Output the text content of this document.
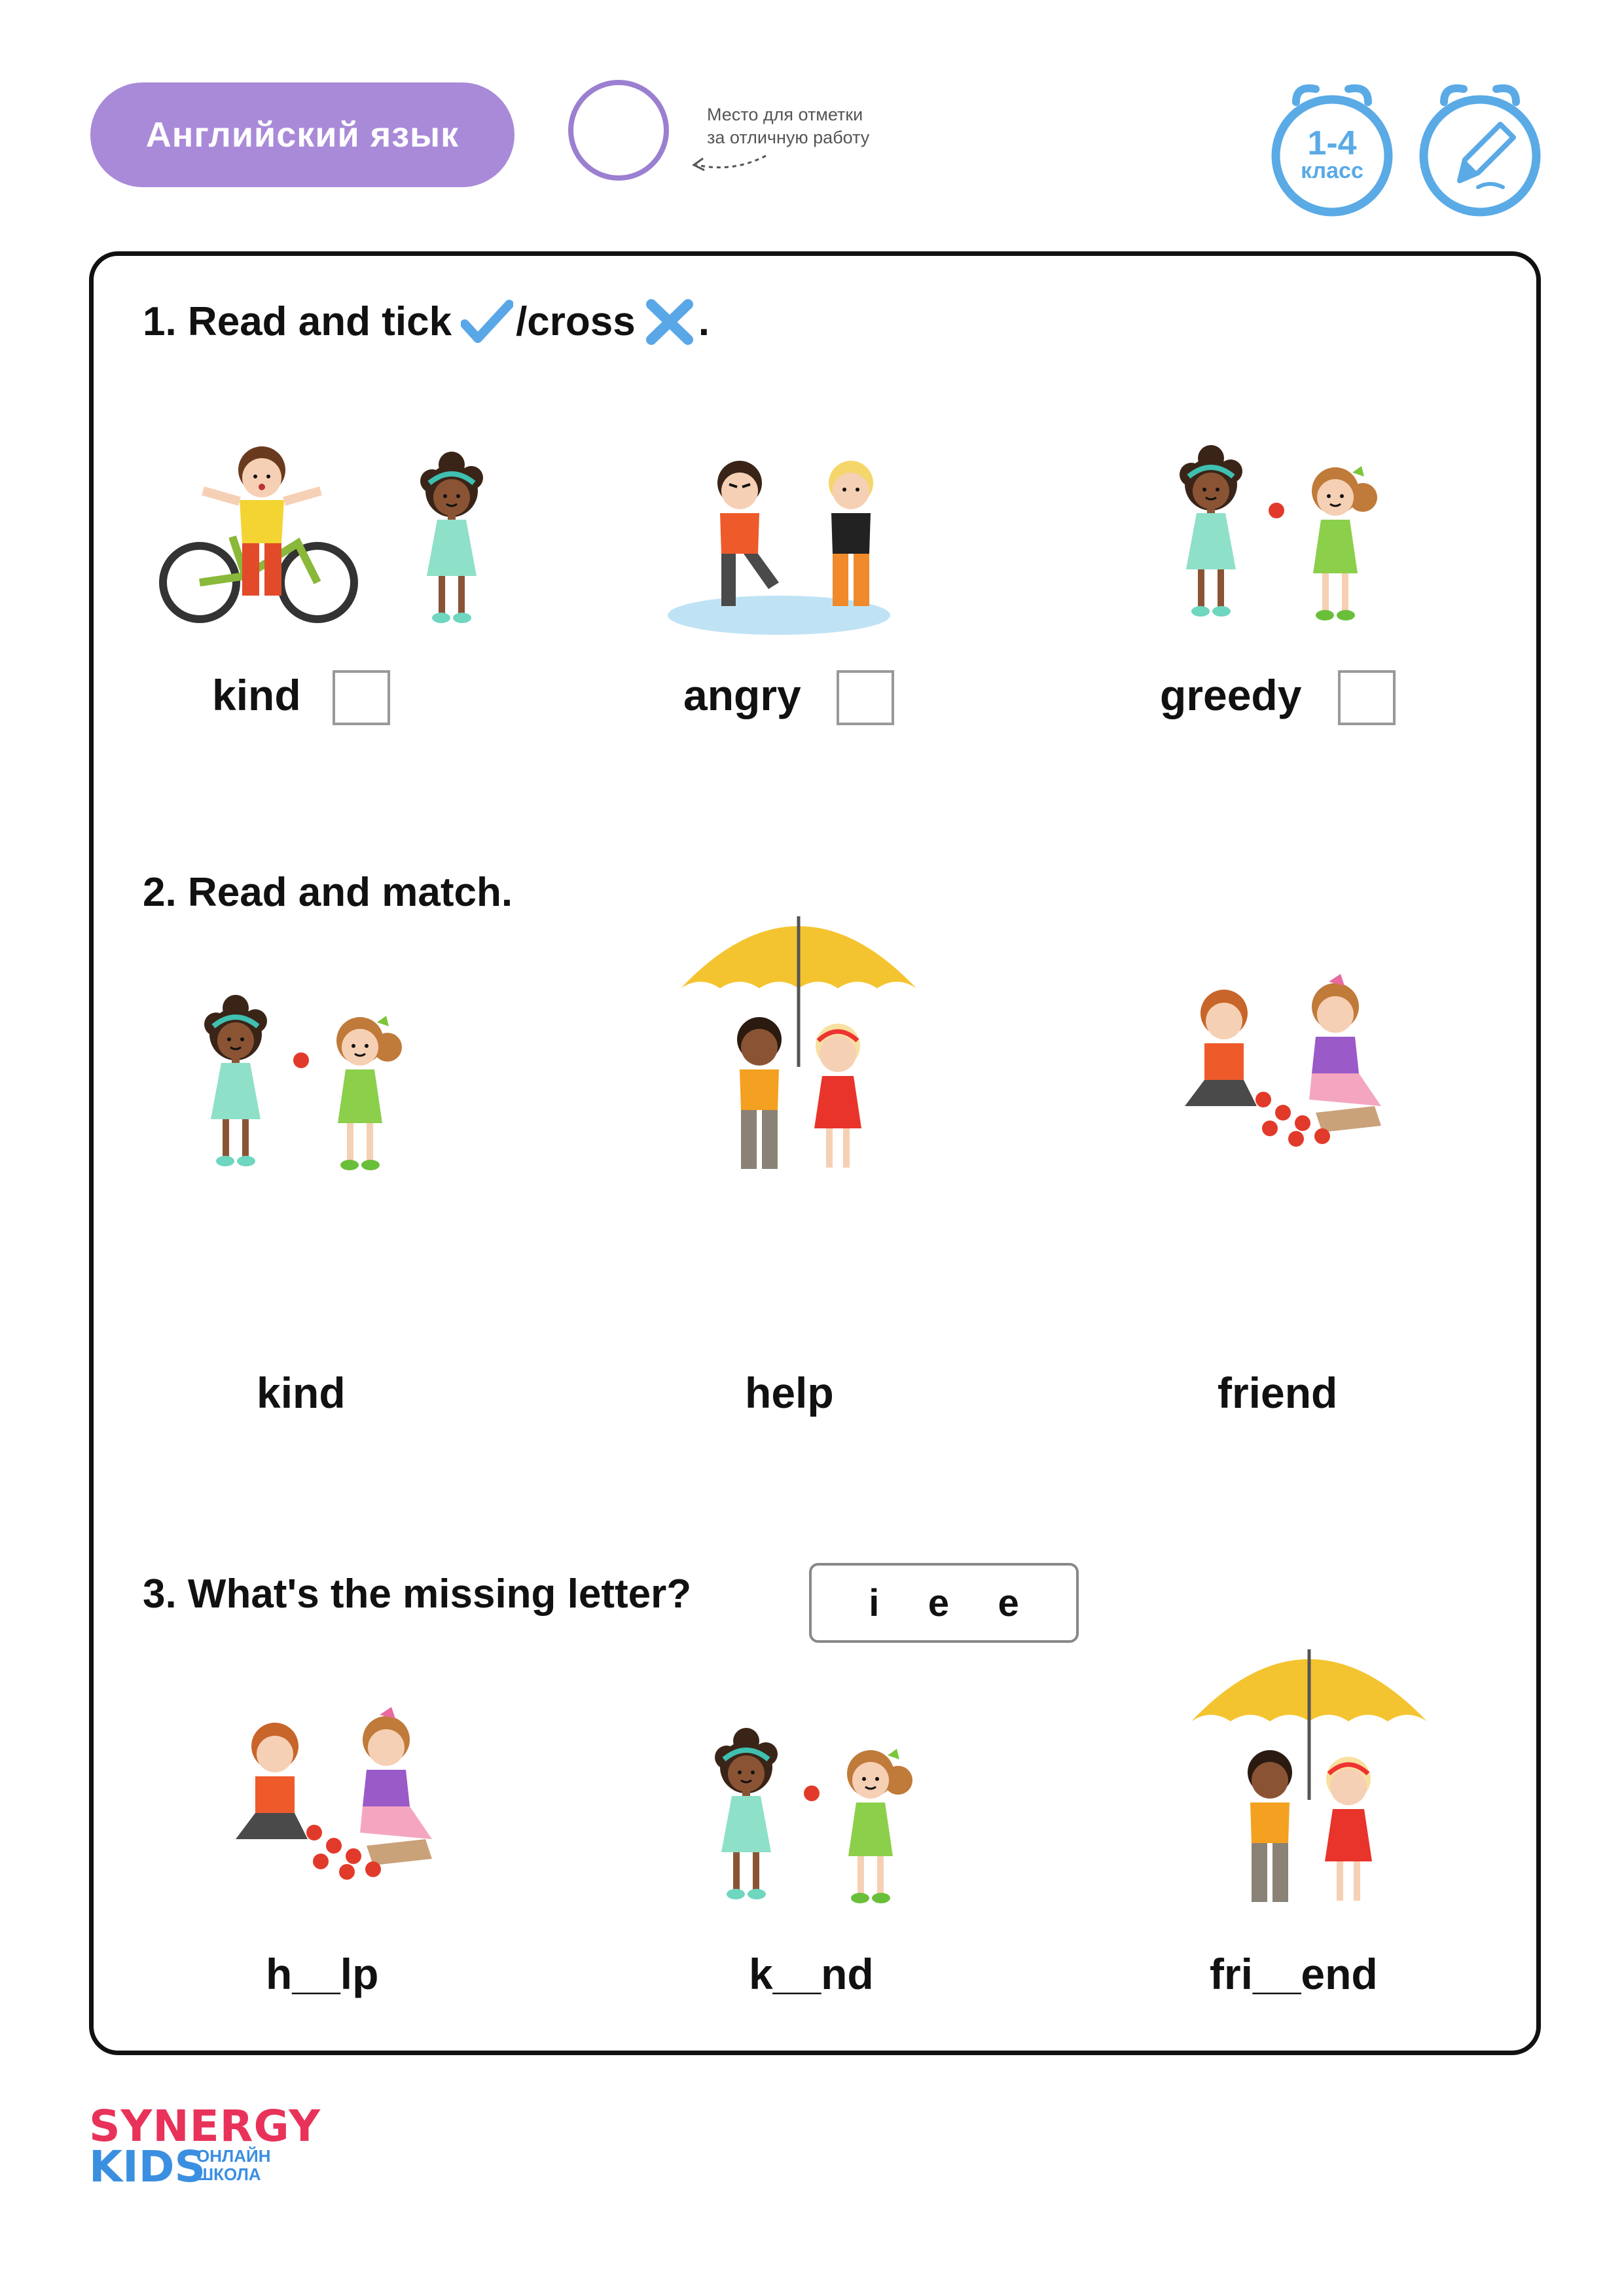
Английский язык
Место для отметки
за отличную работу	1-4
класс
1. Read and tick /cross .
kind	angry	greedy
2. Read and match.
kind	help	friend
3. What's the missing letter?	i e e
h__lp	k__nd	fri__end
SYNERGY
KIDS
ОНЛАЙН
ШКОЛА
